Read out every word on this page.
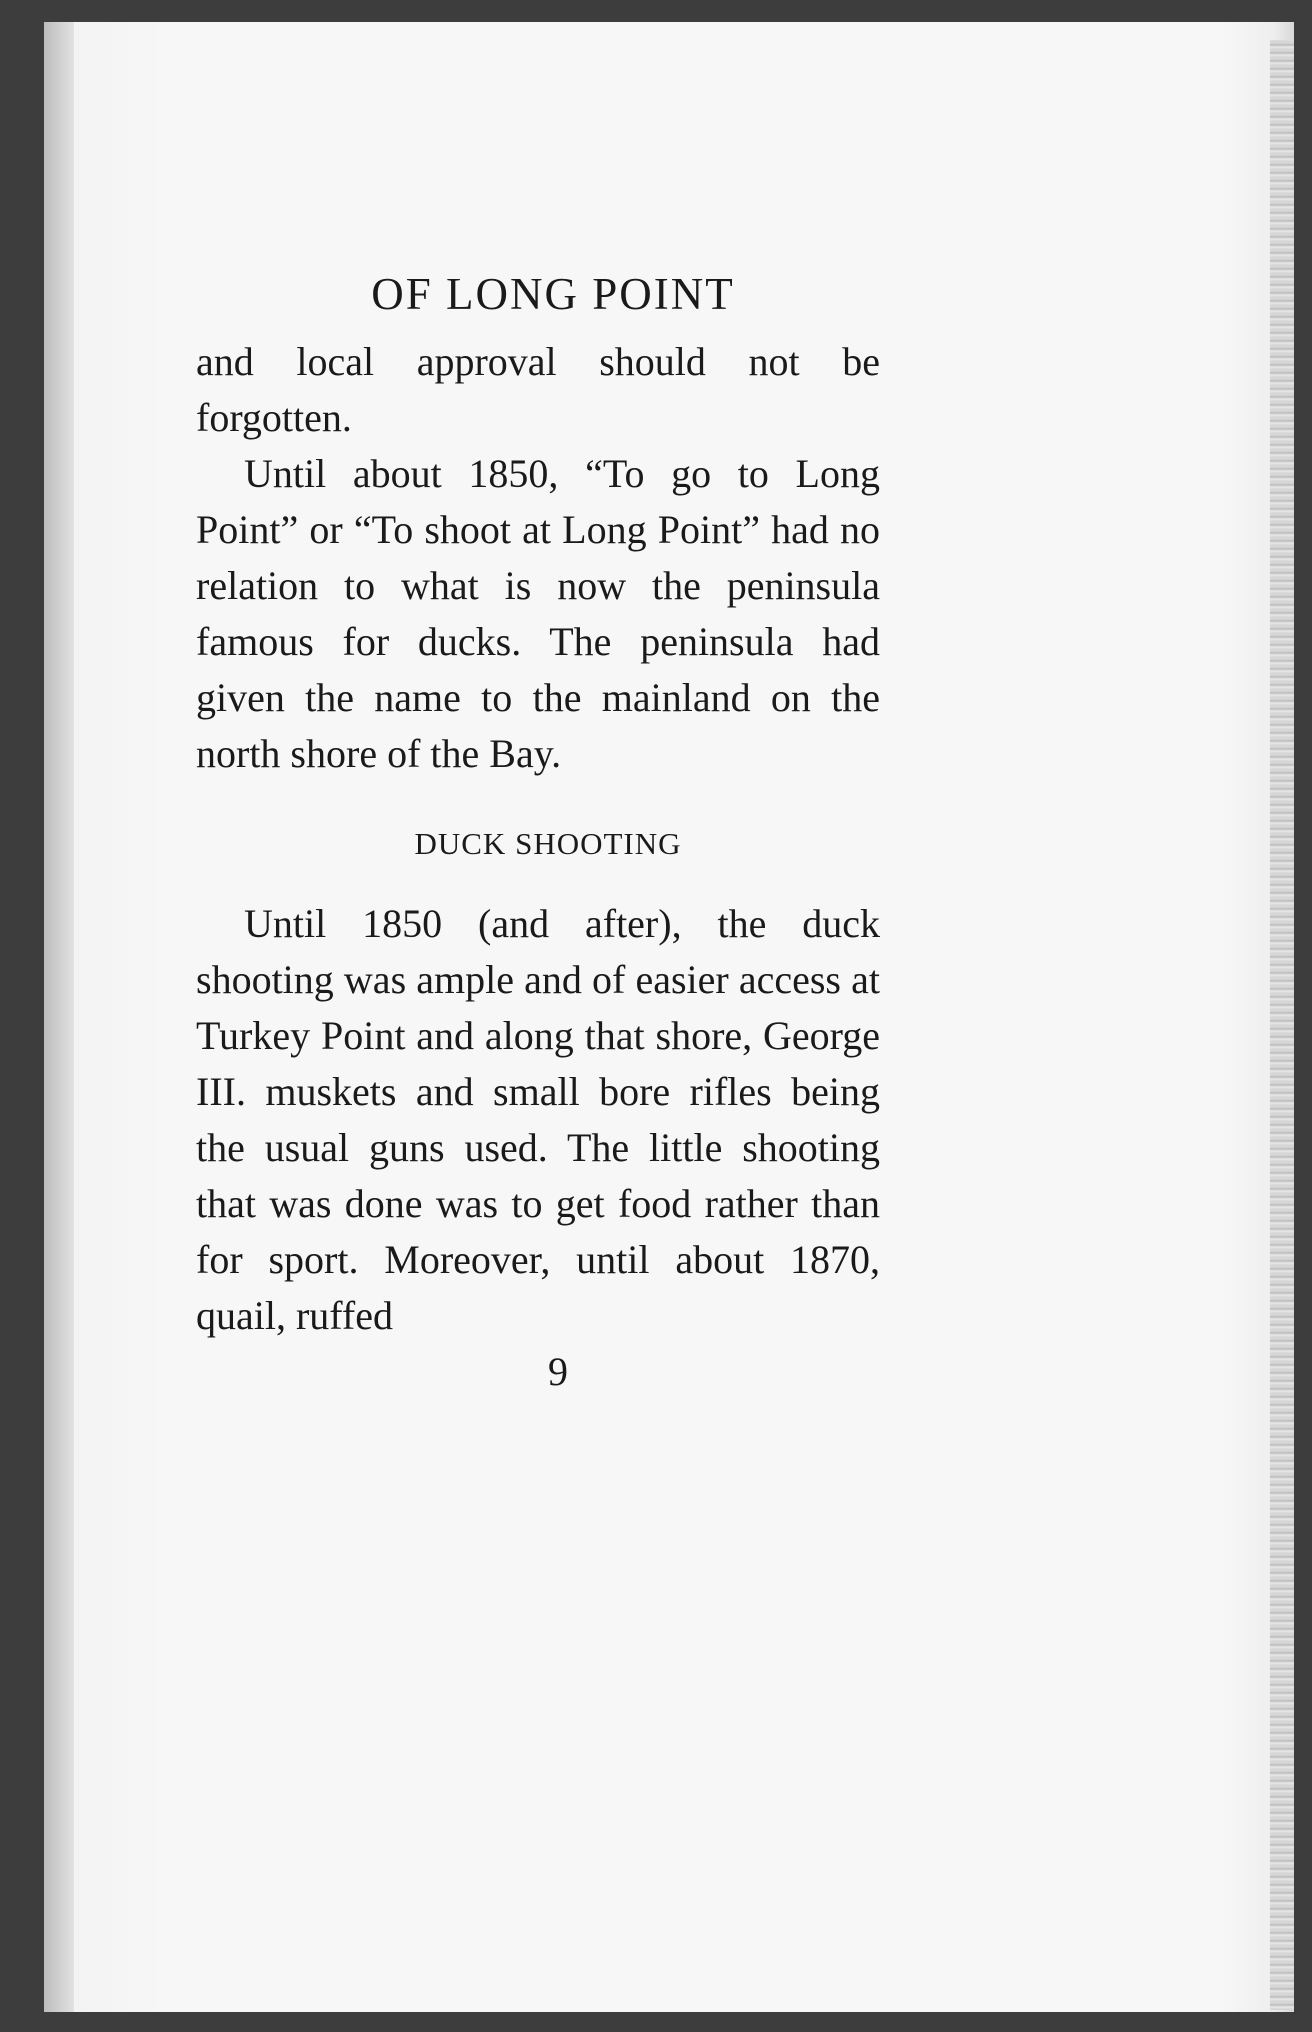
OF LONG POINT

and local approval should not be forgotten.

Until about 1850, “To go to Long Point” or “To shoot at Long Point” had no relation to what is now the peninsula famous for ducks. The peninsula had given the name to the mainland on the north shore of the Bay.

DUCK SHOOTING

Until 1850 (and after), the duck shooting was ample and of easier access at Turkey Point and along that shore, George III. muskets and small bore rifles being the usual guns used. The little shooting that was done was to get food rather than for sport. Moreover, until about 1870, quail, ruffed

9
